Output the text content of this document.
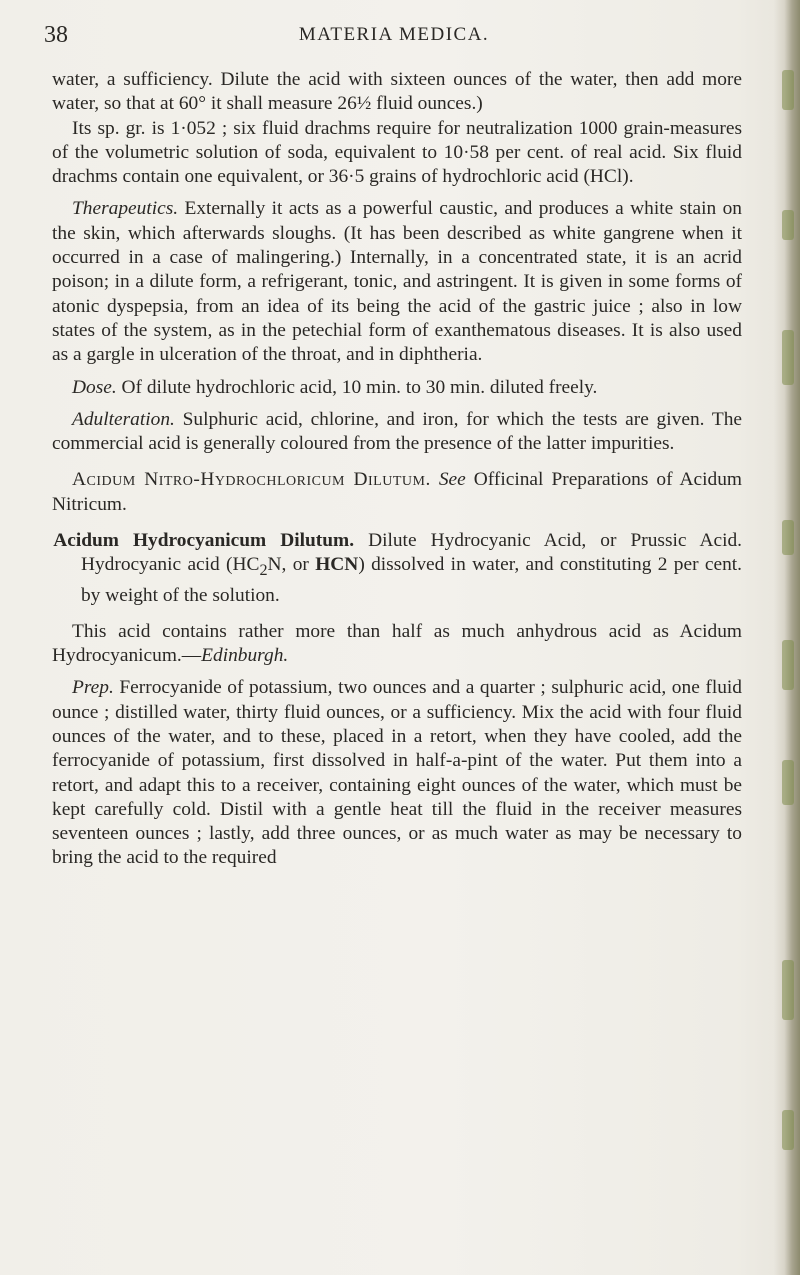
38	MATERIA MEDICA.

water, a sufficiency. Dilute the acid with sixteen ounces of the water, then add more water, so that at 60° it shall measure 26½ fluid ounces.)

Its sp. gr. is 1·052 ; six fluid drachms require for neutralization 1000 grain-measures of the volumetric solution of soda, equivalent to 10·58 per cent. of real acid. Six fluid drachms contain one equivalent, or 36·5 grains of hydrochloric acid (HCl).

Therapeutics. Externally it acts as a powerful caustic, and produces a white stain on the skin, which afterwards sloughs. (It has been described as white gangrene when it occurred in a case of malingering.) Internally, in a concentrated state, it is an acrid poison; in a dilute form, a refrigerant, tonic, and astringent. It is given in some forms of atonic dyspepsia, from an idea of its being the acid of the gastric juice ; also in low states of the system, as in the petechial form of exanthematous diseases. It is also used as a gargle in ulceration of the throat, and in diphtheria.

Dose. Of dilute hydrochloric acid, 10 min. to 30 min. diluted freely.

Adulteration. Sulphuric acid, chlorine, and iron, for which the tests are given. The commercial acid is generally coloured from the presence of the latter impurities.

Acidum Nitro-Hydrochloricum Dilutum. See Officinal Preparations of Acidum Nitricum.

Acidum Hydrocyanicum Dilutum. Dilute Hydrocyanic Acid, or Prussic Acid. Hydrocyanic acid ($HC_2N$, or HCN) dissolved in water, and constituting 2 per cent. by weight of the solution.

This acid contains rather more than half as much anhydrous acid as Acidum Hydrocyanicum.—Edinburgh.

Prep. Ferrocyanide of potassium, two ounces and a quarter ; sulphuric acid, one fluid ounce ; distilled water, thirty fluid ounces, or a sufficiency. Mix the acid with four fluid ounces of the water, and to these, placed in a retort, when they have cooled, add the ferrocyanide of potassium, first dissolved in half-a-pint of the water. Put them into a retort, and adapt this to a receiver, containing eight ounces of the water, which must be kept carefully cold. Distil with a gentle heat till the fluid in the receiver measures seventeen ounces ; lastly, add three ounces, or as much water as may be necessary to bring the acid to the required
